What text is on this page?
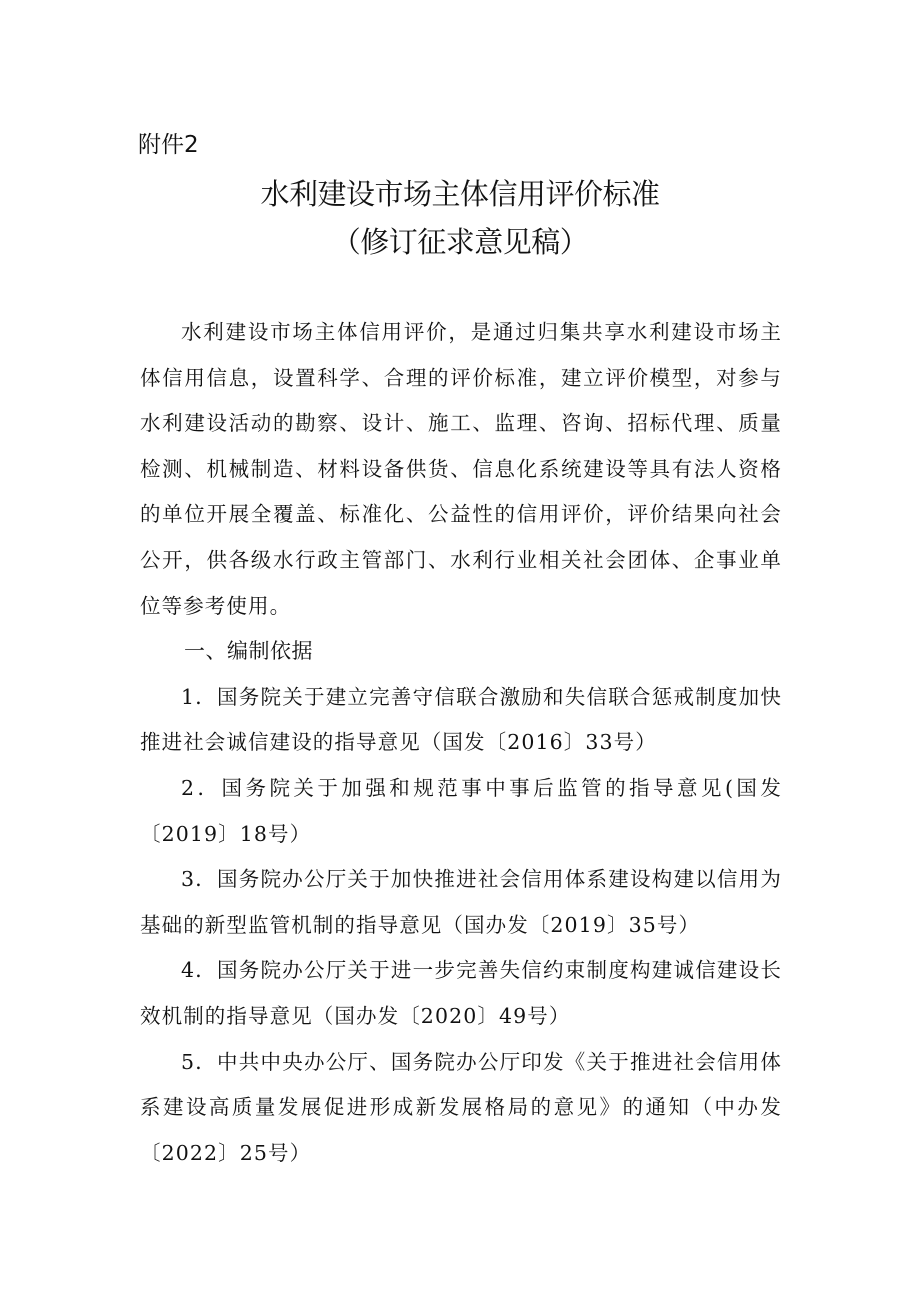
附件2
水利建设市场主体信用评价标准
（修订征求意见稿）

水利建设市场主体信用评价，是通过归集共享水利建设市场主体信用信息，设置科学、合理的评价标准，建立评价模型，对参与水利建设活动的勘察、设计、施工、监理、咨询、招标代理、质量检测、机械制造、材料设备供货、信息化系统建设等具有法人资格的单位开展全覆盖、标准化、公益性的信用评价，评价结果向社会公开，供各级水行政主管部门、水利行业相关社会团体、企事业单位等参考使用。

一、编制依据

1．国务院关于建立完善守信联合激励和失信联合惩戒制度加快推进社会诚信建设的指导意见（国发〔2016〕33号）

2．国务院关于加强和规范事中事后监管的指导意见(国发〔2019〕18号）

3．国务院办公厅关于加快推进社会信用体系建设构建以信用为基础的新型监管机制的指导意见（国办发〔2019〕35号）

4．国务院办公厅关于进一步完善失信约束制度构建诚信建设长效机制的指导意见（国办发〔2020〕49号）

5．中共中央办公厅、国务院办公厅印发《关于推进社会信用体系建设高质量发展促进形成新发展格局的意见》的通知（中办发〔2022〕25号）
